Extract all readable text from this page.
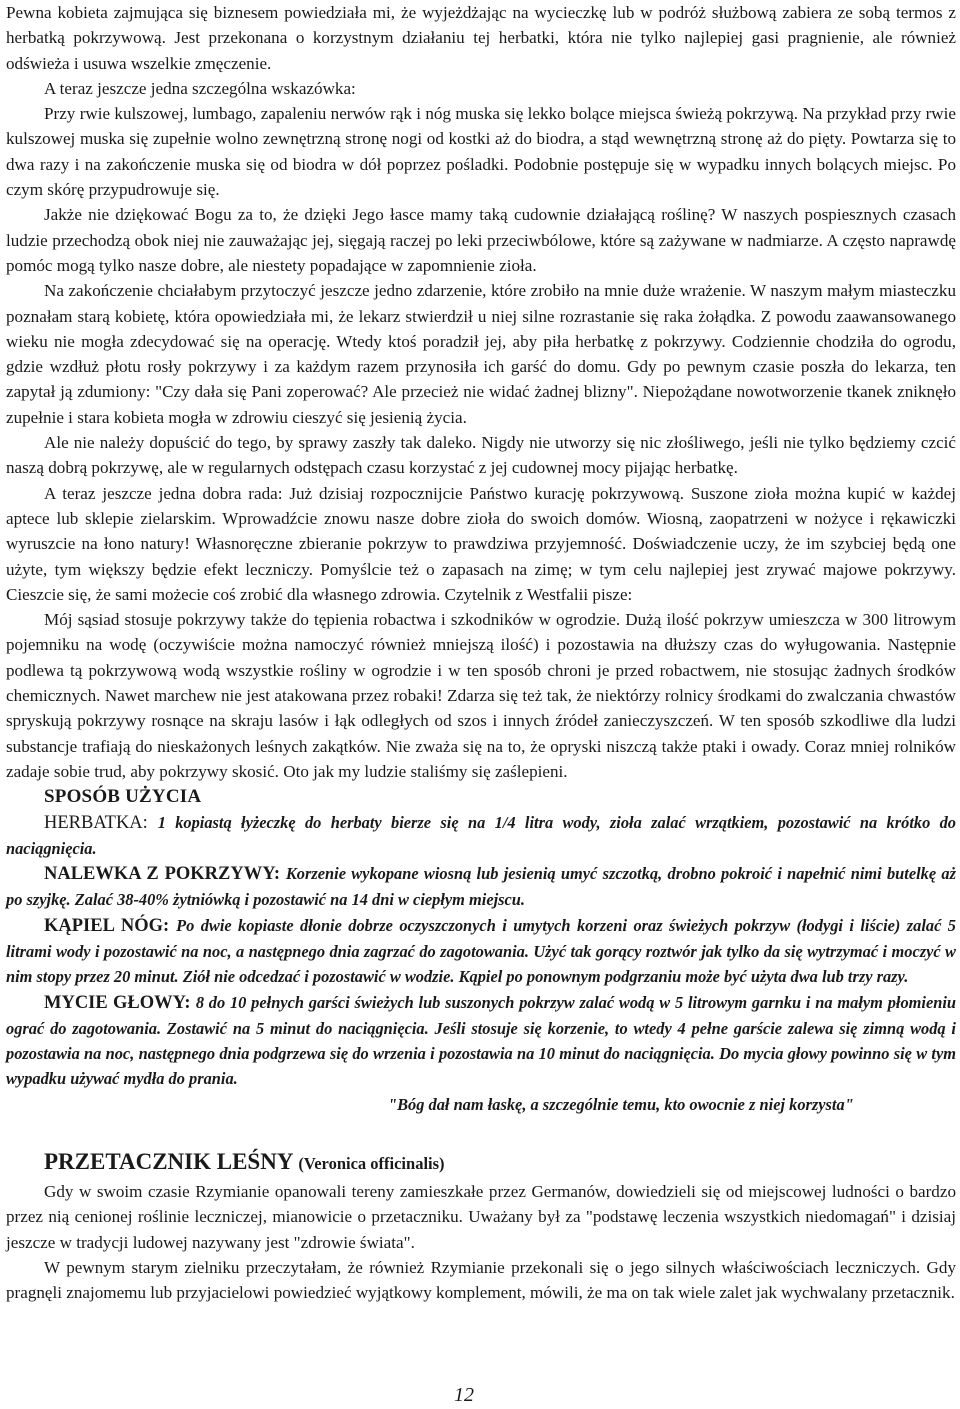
Pewna kobieta zajmująca się biznesem powiedziała mi, że wyjeżdżając na wycieczkę lub w podróż służbową zabiera ze sobą termos z herbatką pokrzywową. Jest przekonana o korzystnym działaniu tej herbatki, która nie tylko najlepiej gasi pragnienie, ale również odświeża i usuwa wszelkie zmęczenie.

A teraz jeszcze jedna szczególna wskazówka:

Przy rwie kulszowej, lumbago, zapaleniu nerwów rąk i nóg muska się lekko bolące miejsca świeżą pokrzywą. Na przykład przy rwie kulszowej muska się zupełnie wolno zewnętrzną stronę nogi od kostki aż do biodra, a stąd wewnętrzną stronę aż do pięty. Powtarza się to dwa razy i na zakończenie muska się od biodra w dół poprzez pośladki. Podobnie postępuje się w wypadku innych bolących miejsc. Po czym skórę przypudrowuje się.

Jakże nie dziękować Bogu za to, że dzięki Jego łasce mamy taką cudownie działającą roślinę? W naszych pospiesznych czasach ludzie przechodzą obok niej nie zauważając jej, sięgają raczej po leki przeciwbólowe, które są zażywane w nadmiarze. A często naprawdę pomóc mogą tylko nasze dobre, ale niestety popadające w zapomnienie zioła.

Na zakończenie chciałabym przytoczyć jeszcze jedno zdarzenie, które zrobiło na mnie duże wrażenie. W naszym małym miasteczku poznałam starą kobietę, która opowiedziała mi, że lekarz stwierdził u niej silne rozrastanie się raka żołądka. Z powodu zaawansowanego wieku nie mogła zdecydować się na operację. Wtedy ktoś poradził jej, aby piła herbatkę z pokrzywy. Codziennie chodziła do ogrodu, gdzie wzdłuż płotu rosły pokrzywy i za każdym razem przynosiła ich garść do domu. Gdy po pewnym czasie poszła do lekarza, ten zapytał ją zdumiony: "Czy dała się Pani zoperować? Ale przecież nie widać żadnej blizny". Niepożądane nowotworzenie tkanek zniknęło zupełnie i stara kobieta mogła w zdrowiu cieszyć się jesienią życia.

Ale nie należy dopuścić do tego, by sprawy zaszły tak daleko. Nigdy nie utworzy się nic złośliwego, jeśli nie tylko będziemy czcić naszą dobrą pokrzywę, ale w regularnych odstępach czasu korzystać z jej cudownej mocy pijając herbatkę.

A teraz jeszcze jedna dobra rada: Już dzisiaj rozpocznijcie Państwo kurację pokrzywową. Suszone zioła można kupić w każdej aptece lub sklepie zielarskim. Wprowadźcie znowu nasze dobre zioła do swoich domów. Wiosną, zaopatrzeni w nożyce i rękawiczki wyruszcie na łono natury! Własnoręczne zbieranie pokrzyw to prawdziwa przyjemność. Doświadczenie uczy, że im szybciej będą one użyte, tym większy będzie efekt leczniczy. Pomyślcie też o zapasach na zimę; w tym celu najlepiej jest zrywać majowe pokrzywy. Cieszcie się, że sami możecie coś zrobić dla własnego zdrowia. Czytelnik z Westfalii pisze:

Mój sąsiad stosuje pokrzywy także do tępienia robactwa i szkodników w ogrodzie. Dużą ilość pokrzyw umieszcza w 300 litrowym pojemniku na wodę (oczywiście można namoczyć również mniejszą ilość) i pozostawia na dłuższy czas do wyługowania. Następnie podlewa tą pokrzywową wodą wszystkie rośliny w ogrodzie i w ten sposób chroni je przed robactwem, nie stosując żadnych środków chemicznych. Nawet marchew nie jest atakowana przez robaki! Zdarza się też tak, że niektórzy rolnicy środkami do zwalczania chwastów spryskują pokrzywy rosnące na skraju lasów i łąk odległych od szos i innych źródeł zanieczyszczeń. W ten sposób szkodliwe dla ludzi substancje trafiają do nieskażonych leśnych zakątków. Nie zważa się na to, że opryski niszczą także ptaki i owady. Coraz mniej rolników zadaje sobie trud, aby pokrzywy skosić. Oto jak my ludzie staliśmy się zaślepieni.

SPOSÓB UŻYCIA

HERBATKA: 1 kopiastą łyżeczkę do herbaty bierze się na 1/4 litra wody, zioła zalać wrzątkiem, pozostawić na krótko do naciągnięcia.

NALEWKA Z POKRZYWY: Korzenie wykopane wiosną lub jesienią umyć szczotką, drobno pokroić i napełnić nimi butelkę aż po szyjkę. Zalać 38-40% żytniówką i pozostawić na 14 dni w ciepłym miejscu.

KĄPIEL NÓG: Po dwie kopiaste dłonie dobrze oczyszczonych i umytych korzeni oraz świeżych pokrzyw (łodygi i liście) zalać 5 litrami wody i pozostawić na noc, a następnego dnia zagrzać do zagotowania. Użyć tak gorący roztwór jak tylko da się wytrzymać i moczyć w nim stopy przez 20 minut. Ziół nie odcedzać i pozostawić w wodzie. Kąpiel po ponownym podgrzaniu może być użyta dwa lub trzy razy.

MYCIE GŁOWY: 8 do 10 pełnych garści świeżych lub suszonych pokrzyw zalać wodą w 5 litrowym garnku i na małym płomieniu ograć do zagotowania. Zostawić na 5 minut do naciągnięcia. Jeśli stosuje się korzenie, to wtedy 4 pełne garście zalewa się zimną wodą i pozostawia na noc, następnego dnia podgrzewa się do wrzenia i pozostawia na 10 minut do naciągnięcia. Do mycia głowy powinno się w tym wypadku używać mydła do prania.

"Bóg dał nam łaskę, a szczególnie temu, kto owocnie z niej korzysta"

PRZETACZNIK LEŚNY (Veronica officinalis)

Gdy w swoim czasie Rzymianie opanowali tereny zamieszkałe przez Germanów, dowiedzieli się od miejscowej ludności o bardzo przez nią cenionej roślinie leczniczej, mianowicie o przetaczniku. Uważany był za "podstawę leczenia wszystkich niedomagań" i dzisiaj jeszcze w tradycji ludowej nazywany jest "zdrowie świata".

W pewnym starym zielniku przeczytałam, że również Rzymianie przekonali się o jego silnych właściwościach leczniczych. Gdy pragnęli znajomemu lub przyjacielowi powiedzieć wyjątkowy komplement, mówili, że ma on tak wiele zalet jak wychwalany przetacznik.

12
